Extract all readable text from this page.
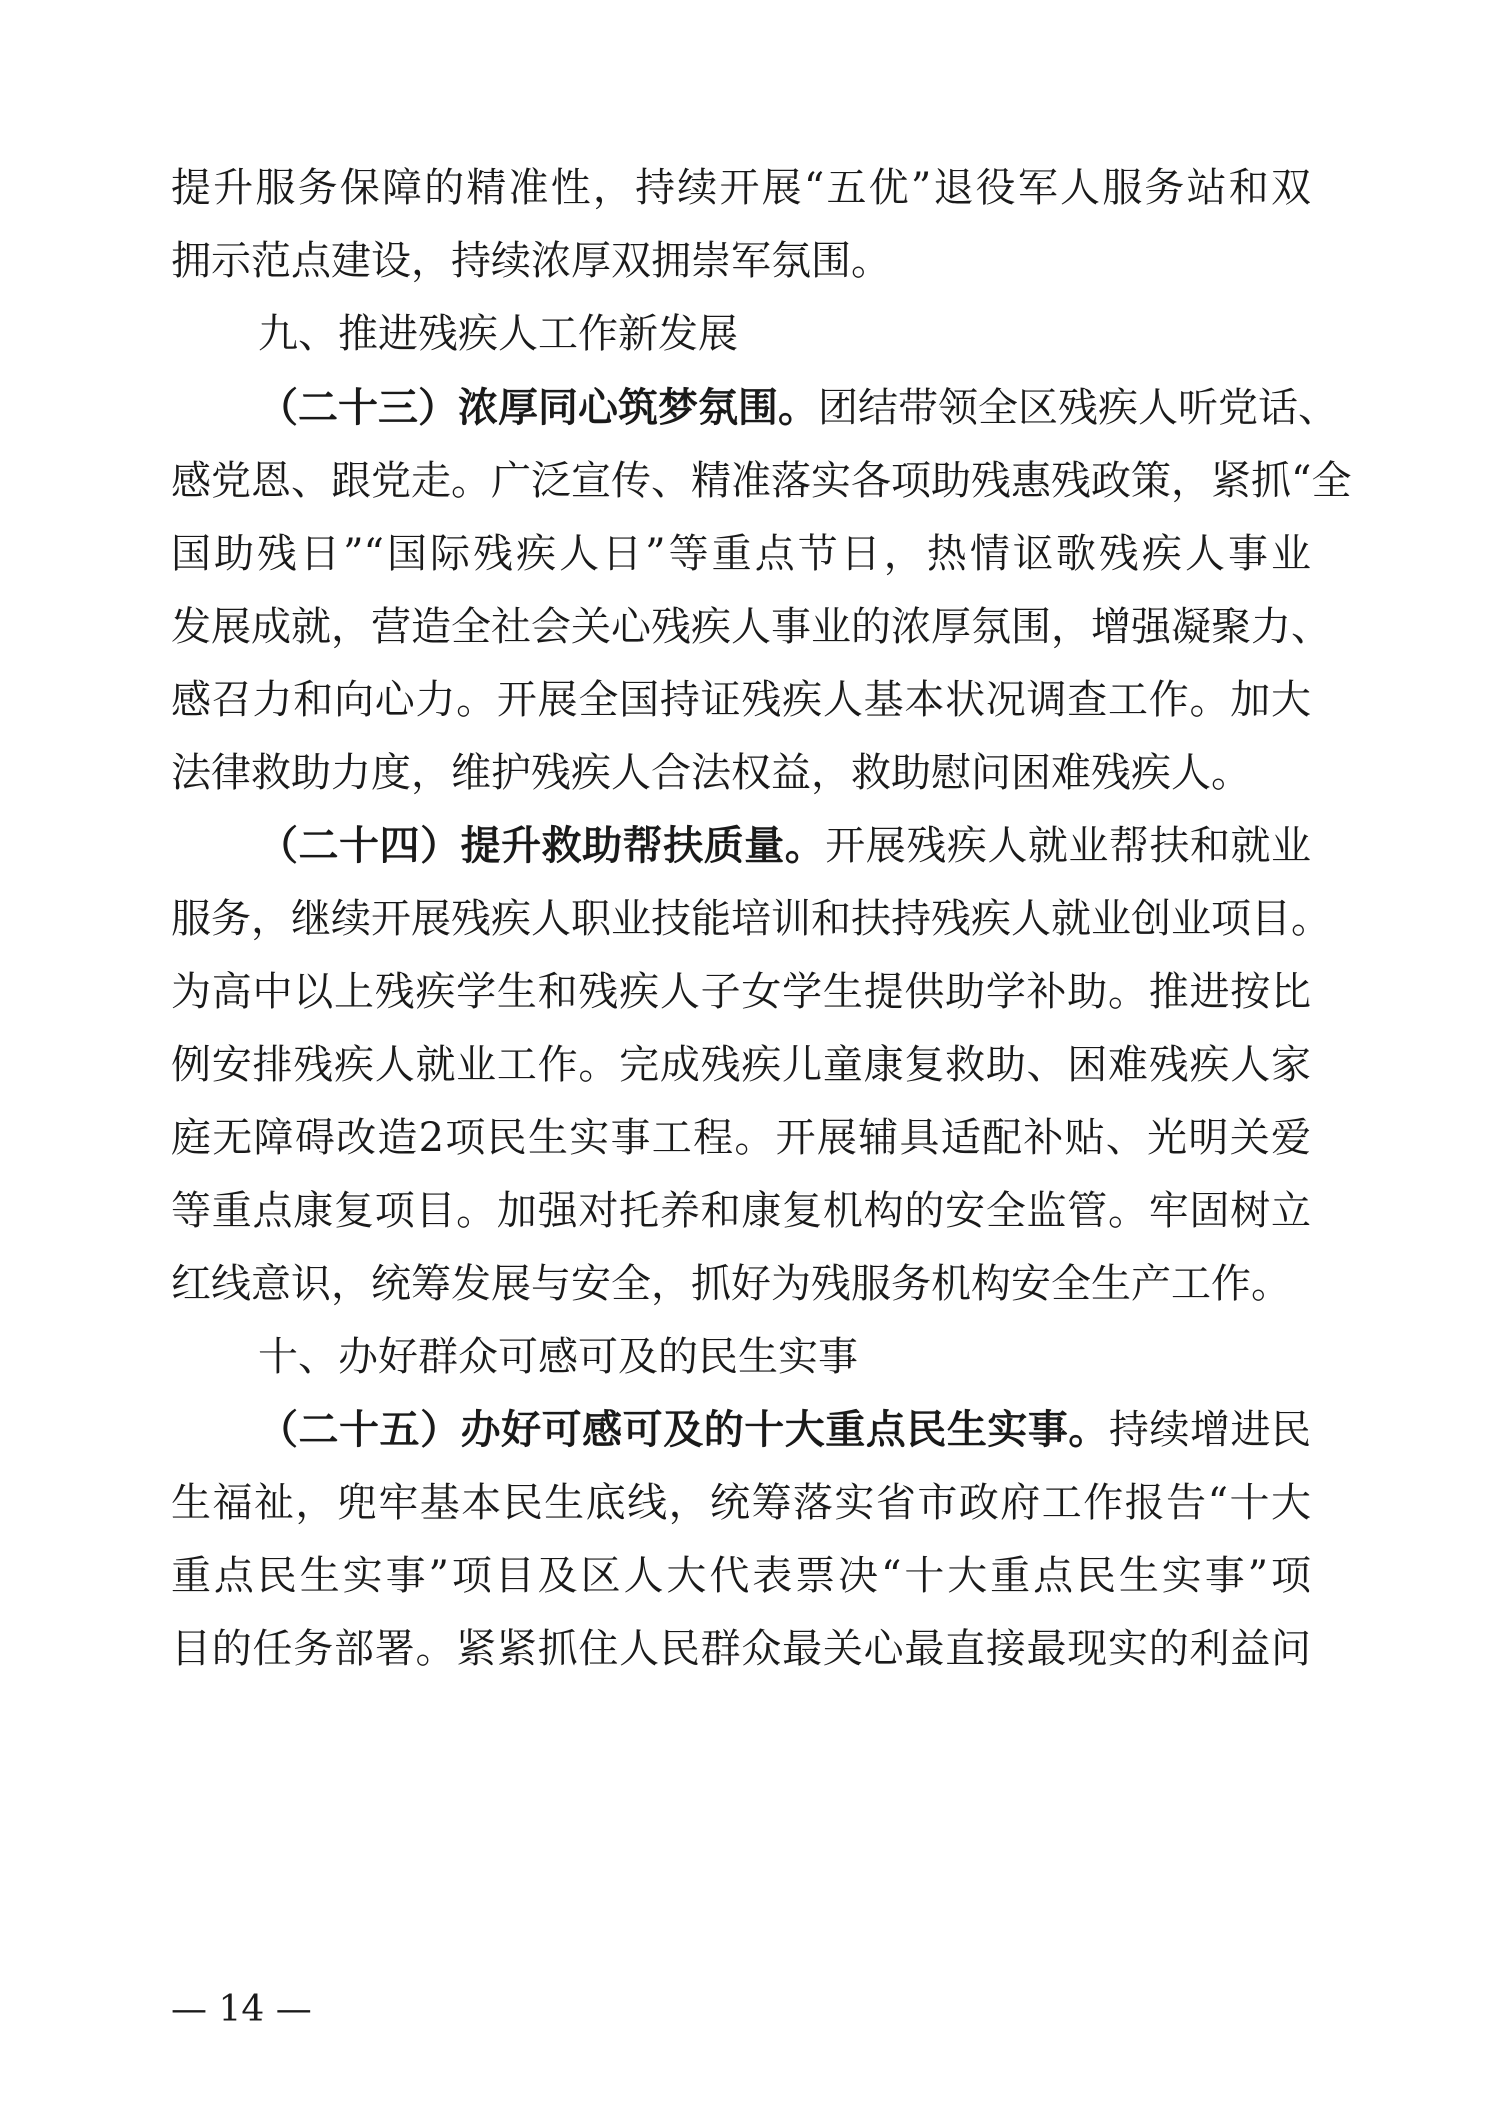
提升服务保障的精准性，持续开展“五优”退役军人服务站和双
拥示范点建设，持续浓厚双拥崇军氛围。
九、推进残疾人工作新发展
（二十三）浓厚同心筑梦氛围。团结带领全区残疾人听党话、
感党恩、跟党走。广泛宣传、精准落实各项助残惠残政策，紧抓“全
国助残日”“国际残疾人日”等重点节日，热情讴歌残疾人事业
发展成就，营造全社会关心残疾人事业的浓厚氛围，增强凝聚力、
感召力和向心力。开展全国持证残疾人基本状况调查工作。加大
法律救助力度，维护残疾人合法权益，救助慰问困难残疾人。
（二十四）提升救助帮扶质量。开展残疾人就业帮扶和就业
服务，继续开展残疾人职业技能培训和扶持残疾人就业创业项目。
为高中以上残疾学生和残疾人子女学生提供助学补助。推进按比
例安排残疾人就业工作。完成残疾儿童康复救助、困难残疾人家
庭无障碍改造2项民生实事工程。开展辅具适配补贴、光明关爱
等重点康复项目。加强对托养和康复机构的安全监管。牢固树立
红线意识，统筹发展与安全，抓好为残服务机构安全生产工作。
十、办好群众可感可及的民生实事
（二十五）办好可感可及的十大重点民生实事。持续增进民
生福祉，兜牢基本民生底线，统筹落实省市政府工作报告“十大
重点民生实事”项目及区人大代表票决“十大重点民生实事”项
目的任务部署。紧紧抓住人民群众最关心最直接最现实的利益问
— 14 —
